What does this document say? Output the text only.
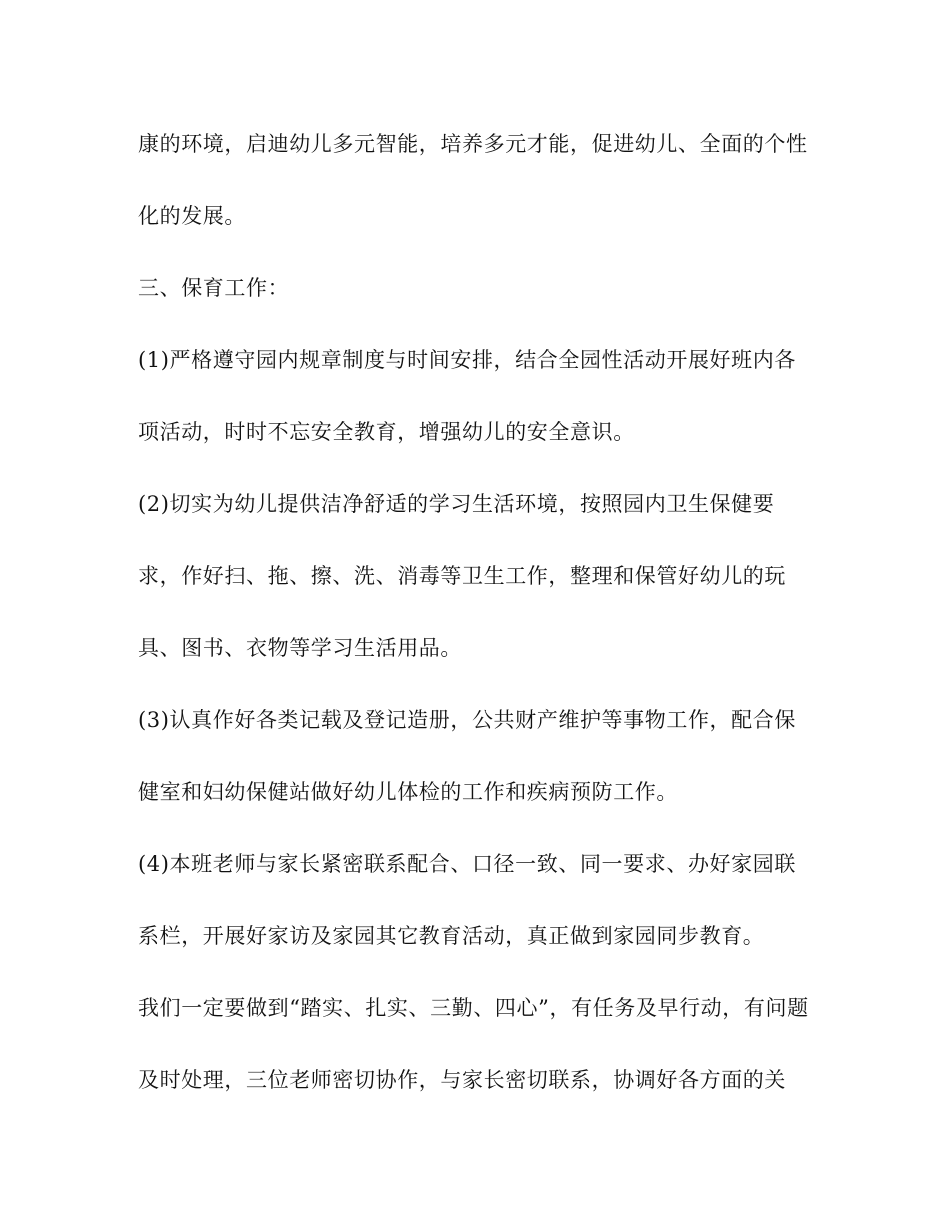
康的环境，启迪幼儿多元智能，培养多元才能，促进幼儿、全面的个性
化的发展。
三、保育工作：
(1)严格遵守园内规章制度与时间安排，结合全园性活动开展好班内各
项活动，时时不忘安全教育，增强幼儿的安全意识。
(2)切实为幼儿提供洁净舒适的学习生活环境，按照园内卫生保健要
求，作好扫、拖、擦、洗、消毒等卫生工作，整理和保管好幼儿的玩
具、图书、衣物等学习生活用品。
(3)认真作好各类记载及登记造册，公共财产维护等事物工作，配合保
健室和妇幼保健站做好幼儿体检的工作和疾病预防工作。
(4)本班老师与家长紧密联系配合、口径一致、同一要求、办好家园联
系栏，开展好家访及家园其它教育活动，真正做到家园同步教育。
我们一定要做到“踏实、扎实、三勤、四心”，有任务及早行动，有问题
及时处理，三位老师密切协作，与家长密切联系，协调好各方面的关
